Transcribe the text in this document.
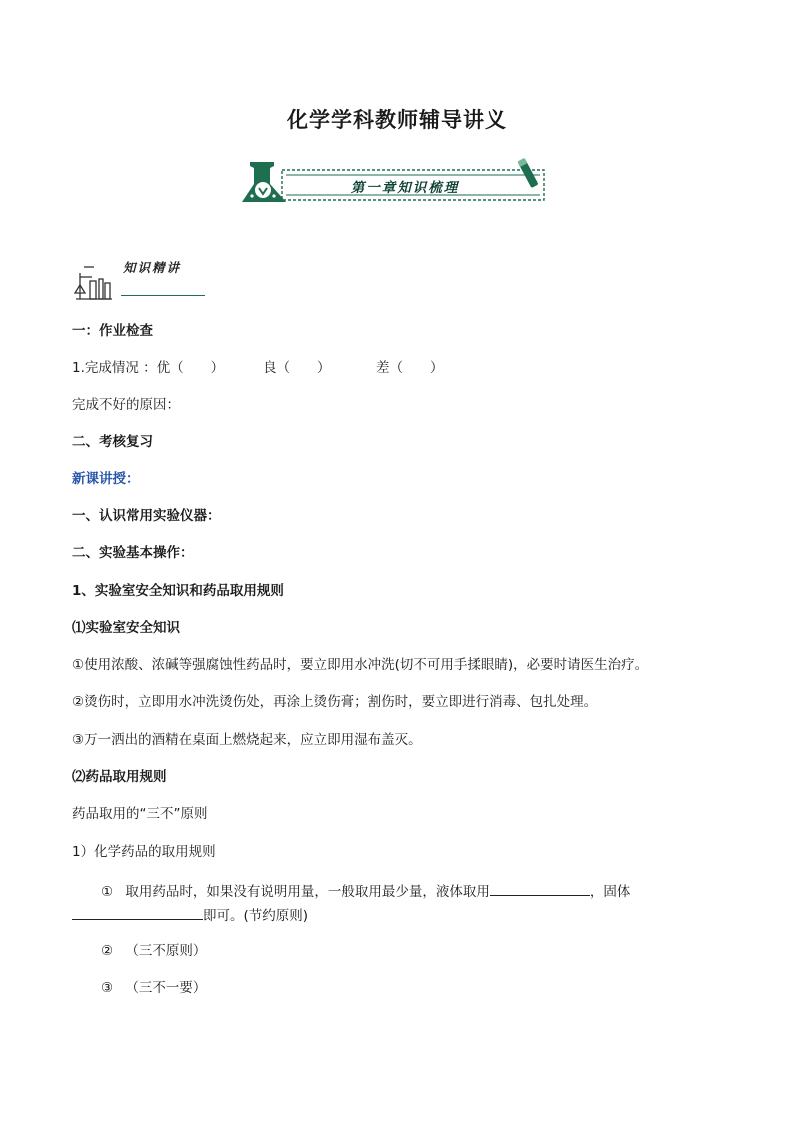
化学学科教师辅导讲义
第一章知识梳理
知识精讲
一：作业检查
1.完成情况 ：优（　　）	良（　　）	差（　　）
完成不好的原因：
二、考核复习
新课讲授：
一、认识常用实验仪器：
二、实验基本操作：
1、实验室安全知识和药品取用规则
⑴实验室安全知识
①使用浓酸、浓碱等强腐蚀性药品时，要立即用水冲洗(切不可用手揉眼睛)，必要时请医生治疗。
②烫伤时，立即用水冲洗烫伤处，再涂上烫伤膏；割伤时，要立即进行消毒、包扎处理。
③万一洒出的酒精在桌面上燃烧起来，应立即用湿布盖灭。
⑵药品取用规则
药品取用的“三不”原则
1）化学药品的取用规则
① 取用药品时，如果没有说明用量，一般取用最少量，液体取用	，固体
即可。(节约原则)
② （三不原则）
③ （三不一要）
